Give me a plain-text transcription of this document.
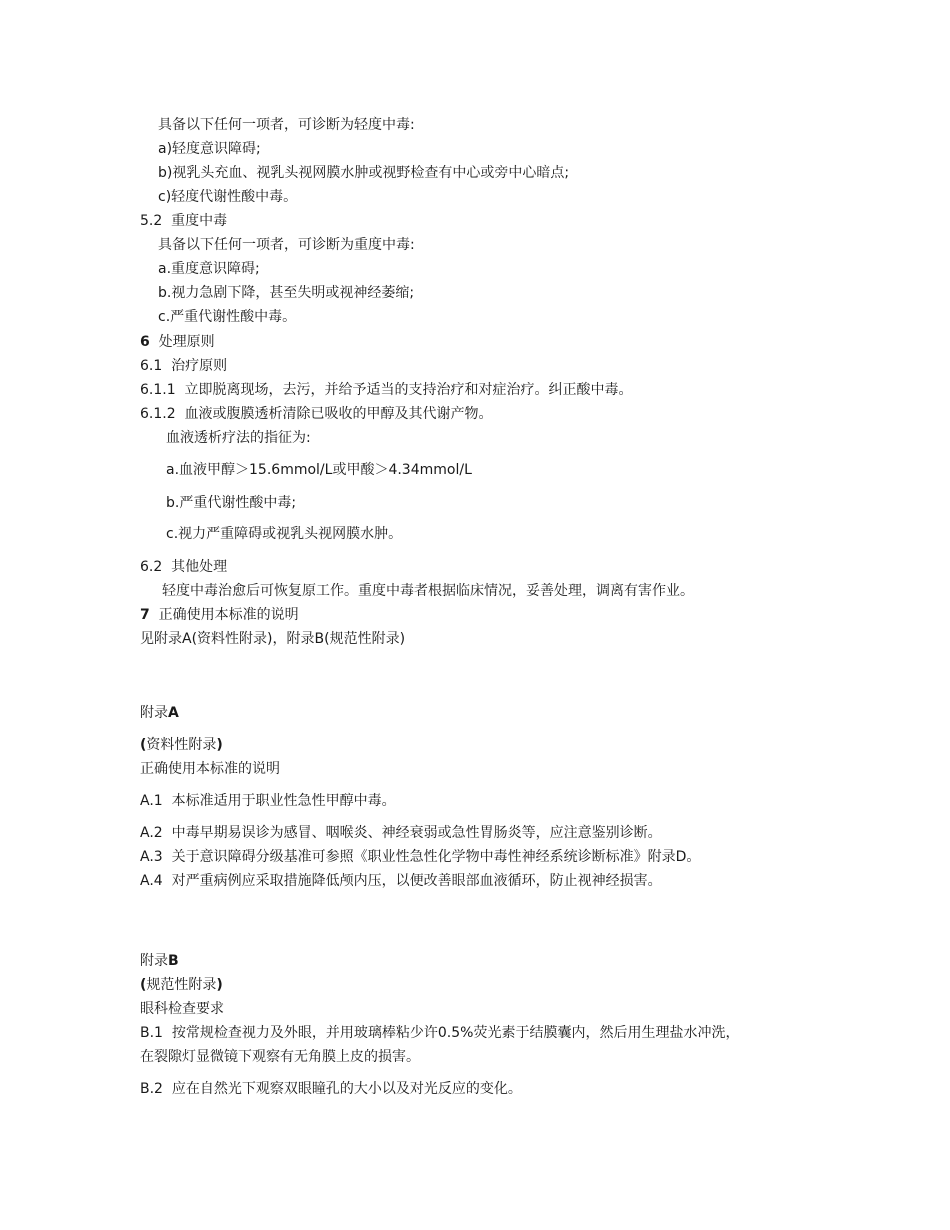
具备以下任何一项者，可诊断为轻度中毒:
a)轻度意识障碍;
b)视乳头充血、视乳头视网膜水肿或视野检查有中心或旁中心暗点;
c)轻度代谢性酸中毒。
5.2 重度中毒
具备以下任何一项者，可诊断为重度中毒:
a.重度意识障碍;
b.视力急剧下降，甚至失明或视神经萎缩;
c.严重代谢性酸中毒。
6 处理原则
6.1 治疗原则
6.1.1 立即脱离现场，去污，并给予适当的支持治疗和对症治疗。纠正酸中毒。
6.1.2 血液或腹膜透析清除已吸收的甲醇及其代谢产物。
血液透析疗法的指征为:
a.血液甲醇＞15.6mmol/L或甲酸＞4.34mmol/L
b.严重代谢性酸中毒;
c.视力严重障碍或视乳头视网膜水肿。
6.2 其他处理
轻度中毒治愈后可恢复原工作。重度中毒者根据临床情况，妥善处理，调离有害作业。
7 正确使用本标准的说明
见附录A(资料性附录)，附录B(规范性附录)
附录A
(资料性附录)
正确使用本标准的说明
A.1 本标准适用于职业性急性甲醇中毒。
A.2 中毒早期易误诊为感冒、咽喉炎、神经衰弱或急性胃肠炎等，应注意鉴别诊断。
A.3 关于意识障碍分级基准可参照《职业性急性化学物中毒性神经系统诊断标准》附录D。
A.4 对严重病例应采取措施降低颅内压，以便改善眼部血液循环，防止视神经损害。
附录B
(规范性附录)
眼科检查要求
B.1 按常规检查视力及外眼，并用玻璃棒粘少许0.5%荧光素于结膜囊内，然后用生理盐水冲洗，
在裂隙灯显微镜下观察有无角膜上皮的损害。
B.2 应在自然光下观察双眼瞳孔的大小以及对光反应的变化。
